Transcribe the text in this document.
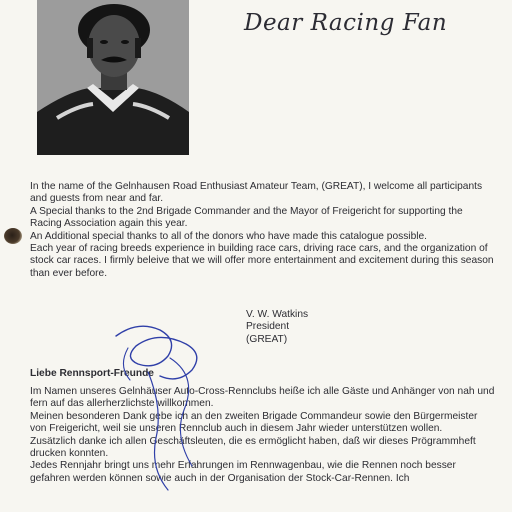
Dear Racing Fan

In the name of the Gelnhausen Road Enthusiast Amateur Team, (GREAT), I welcome all participants and guests from near and far.

A Special thanks to the 2nd Brigade Commander and the Mayor of Freigericht for supporting the Racing Association again this year.

An Additional special thanks to all of the donors who have made this catalogue possible.

Each year of racing breeds experience in building race cars, driving race cars, and the organization of stock car races. I firmly beleive that we will offer more entertainment and excitement during this season than ever before.

V. W. Watkins
President
(GREAT)
Liebe Rennsport-Freunde

Im Namen unseres Gelnhäuser Auto-Cross-Rennclubs heiße ich alle Gäste und Anhänger von nah und fern auf das allerherzlichste willkommen.

Meinen besonderen Dank gebe ich an den zweiten Brigade Commandeur sowie den Bürgermeister von Freigericht, weil sie unseren Rennclub auch in diesem Jahr wieder unterstützen wollen.

Zusätzlich danke ich allen Geschäftsleuten, die es ermöglicht haben, daß wir dieses Prögrammheft drucken konnten.

Jedes Rennjahr bringt uns mehr Erfahrungen im Rennwagenbau, wie die Rennen noch besser gefahren werden können sowie auch in der Organisation der Stock-Car-Rennen. Ich
